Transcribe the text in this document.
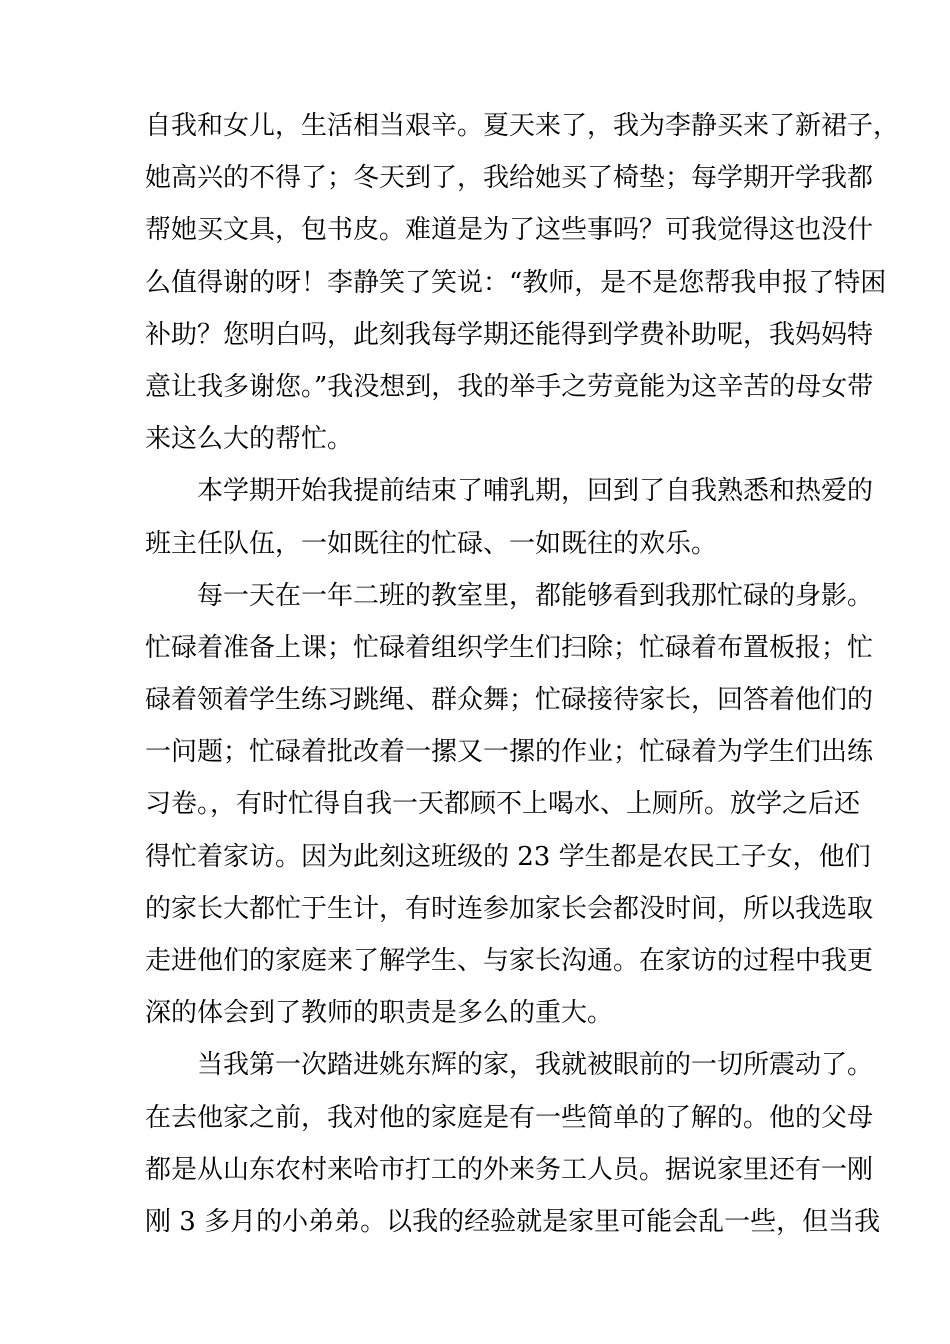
自我和女儿，生活相当艰辛。夏天来了，我为李静买来了新裙子，
她高兴的不得了；冬天到了，我给她买了椅垫；每学期开学我都
帮她买文具，包书皮。难道是为了这些事吗？可我觉得这也没什
么值得谢的呀！李静笑了笑说：“教师，是不是您帮我申报了特困
补助？您明白吗，此刻我每学期还能得到学费补助呢，我妈妈特
意让我多谢您。”我没想到，我的举手之劳竟能为这辛苦的母女带
来这么大的帮忙。
本学期开始我提前结束了哺乳期，回到了自我熟悉和热爱的
班主任队伍，一如既往的忙碌、一如既往的欢乐。
每一天在一年二班的教室里，都能够看到我那忙碌的身影。
忙碌着准备上课；忙碌着组织学生们扫除；忙碌着布置板报；忙
碌着领着学生练习跳绳、群众舞；忙碌接待家长，回答着他们的
一问题；忙碌着批改着一摞又一摞的作业；忙碌着为学生们出练
习卷。，有时忙得自我一天都顾不上喝水、上厕所。放学之后还
得忙着家访。因为此刻这班级的 23 学生都是农民工子女，他们
的家长大都忙于生计，有时连参加家长会都没时间，所以我选取
走进他们的家庭来了解学生、与家长沟通。在家访的过程中我更
深的体会到了教师的职责是多么的重大。
当我第一次踏进姚东辉的家，我就被眼前的一切所震动了。
在去他家之前，我对他的家庭是有一些简单的了解的。他的父母
都是从山东农村来哈市打工的外来务工人员。据说家里还有一刚
刚 3 多月的小弟弟。以我的经验就是家里可能会乱一些，但当我
